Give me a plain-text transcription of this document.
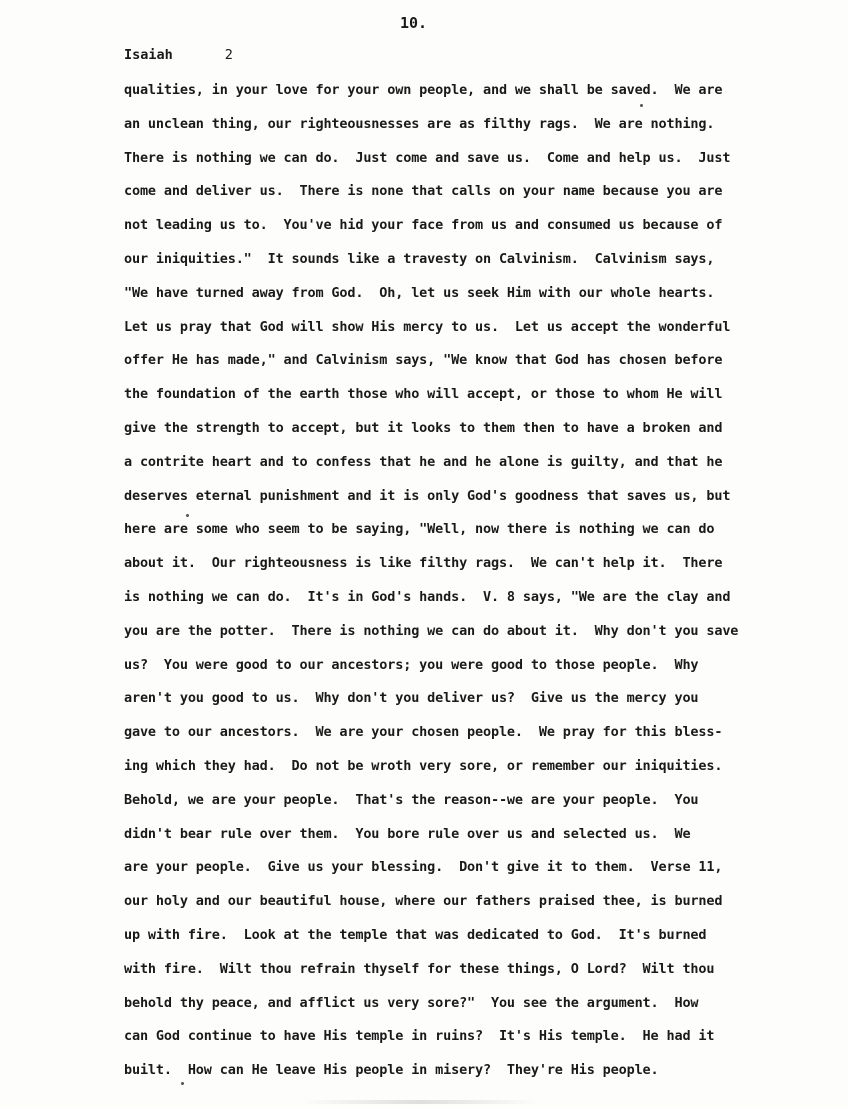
10.
Isaiah	2
qualities, in your love for your own people, and we shall be saved.  We are
an unclean thing, our righteousnesses are as filthy rags.  We are nothing.
There is nothing we can do.  Just come and save us.  Come and help us.  Just
come and deliver us.  There is none that calls on your name because you are
not leading us to.  You've hid your face from us and consumed us because of
our iniquities."  It sounds like a travesty on Calvinism.  Calvinism says,
"We have turned away from God.  Oh, let us seek Him with our whole hearts.
Let us pray that God will show His mercy to us.  Let us accept the wonderful
offer He has made," and Calvinism says, "We know that God has chosen before
the foundation of the earth those who will accept, or those to whom He will
give the strength to accept, but it looks to them then to have a broken and
a contrite heart and to confess that he and he alone is guilty, and that he
deserves eternal punishment and it is only God's goodness that saves us, but
here are some who seem to be saying, "Well, now there is nothing we can do
about it.  Our righteousness is like filthy rags.  We can't help it.  There
is nothing we can do.  It's in God's hands.  V. 8 says, "We are the clay and
you are the potter.  There is nothing we can do about it.  Why don't you save
us?  You were good to our ancestors; you were good to those people.  Why
aren't you good to us.  Why don't you deliver us?  Give us the mercy you
gave to our ancestors.  We are your chosen people.  We pray for this bless-
ing which they had.  Do not be wroth very sore, or remember our iniquities.
Behold, we are your people.  That's the reason--we are your people.  You
didn't bear rule over them.  You bore rule over us and selected us.  We
are your people.  Give us your blessing.  Don't give it to them.  Verse 11,
our holy and our beautiful house, where our fathers praised thee, is burned
up with fire.  Look at the temple that was dedicated to God.  It's burned
with fire.  Wilt thou refrain thyself for these things, O Lord?  Wilt thou
behold thy peace, and afflict us very sore?"  You see the argument.  How
can God continue to have His temple in ruins?  It's His temple.  He had it
built.  How can He leave His people in misery?  They're His people.
